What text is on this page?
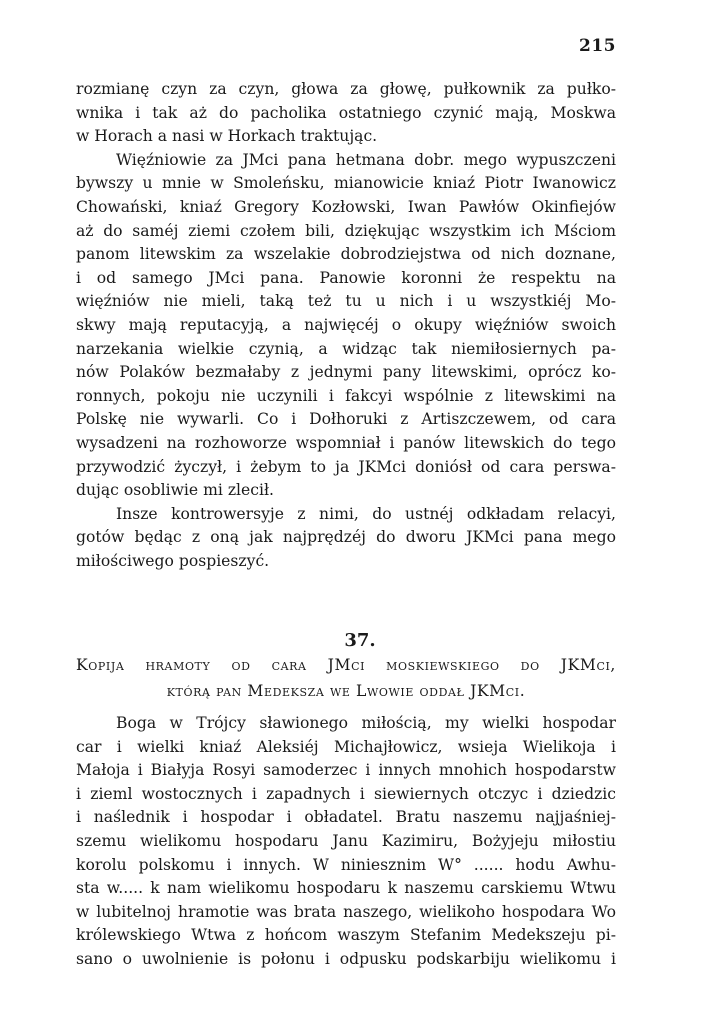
215
rozmianę czyn za czyn, głowa za głowę, pułkownik za pułko-
wnika i tak aż do pacholika ostatniego czynić mają, Moskwa
w Horach a nasi w Horkach traktując.
Więźniowie za JMci pana hetmana dobr. mego wypuszczeni
bywszy u mnie w Smoleńsku, mianowicie kniaź Piotr Iwanowicz
Chowański, kniaź Gregory Kozłowski, Iwan Pawłów Okinfiejów
aż do saméj ziemi czołem bili, dziękując wszystkim ich Mściom
panom litewskim za wszelakie dobrodziejstwa od nich doznane,
i od samego JMci pana. Panowie koronni że respektu na
więźniów nie mieli, taką też tu u nich i u wszystkiéj Mo-
skwy mają reputacyją, a najwięcéj o okupy więźniów swoich
narzekania wielkie czynią, a widząc tak niemiłosiernych pa-
nów Polaków bezmałaby z jednymi pany litewskimi, oprócz ko-
ronnych, pokoju nie uczynili i fakcyi wspólnie z litewskimi na
Polskę nie wywarli. Co i Dołhoruki z Artiszczewem, od cara
wysadzeni na rozhoworze wspomniał i panów litewskich do tego
przywodzić życzył, i żebym to ja JKMci doniósł od cara perswa-
dując osobliwie mi zlecił.
Insze kontrowersyje z nimi, do ustnéj odkładam relacyi,
gotów będąc z oną jak najprędzéj do dworu JKMci pana mego
miłościwego pospieszyć.
37.
Kopija hramoty od cara JMci moskiewskiego do JKMci,
którą pan Medeksza we Lwowie oddał JKMci.
Boga w Trójcy sławionego miłością, my wielki hospodar
car i wielki kniaź Aleksiéj Michajłowicz, wsieja Wielikoja i
Małoja i Białyja Rosyi samoderzec i innych mnohich hospodarstw
i zieml wostocznych i zapadnych i siewiernych otczyc i dziedzic
i naślednik i hospodar i obładatel. Bratu naszemu najjaśniej-
szemu wielikomu hospodaru Janu Kazimiru, Bożyjeju miłostiu
korolu polskomu i innych. W niniesznim W° ...... hodu Awhu-
sta w..... k nam wielikomu hospodaru k naszemu carskiemu Wtwu
w lubitelnoj hramotie was brata naszego, wielikoho hospodara Wo
królewskiego Wtwa z hońcom waszym Stefanim Medekszeju pi-
sano o uwolnienie is połonu i odpusku podskarbiju wielikomu i
